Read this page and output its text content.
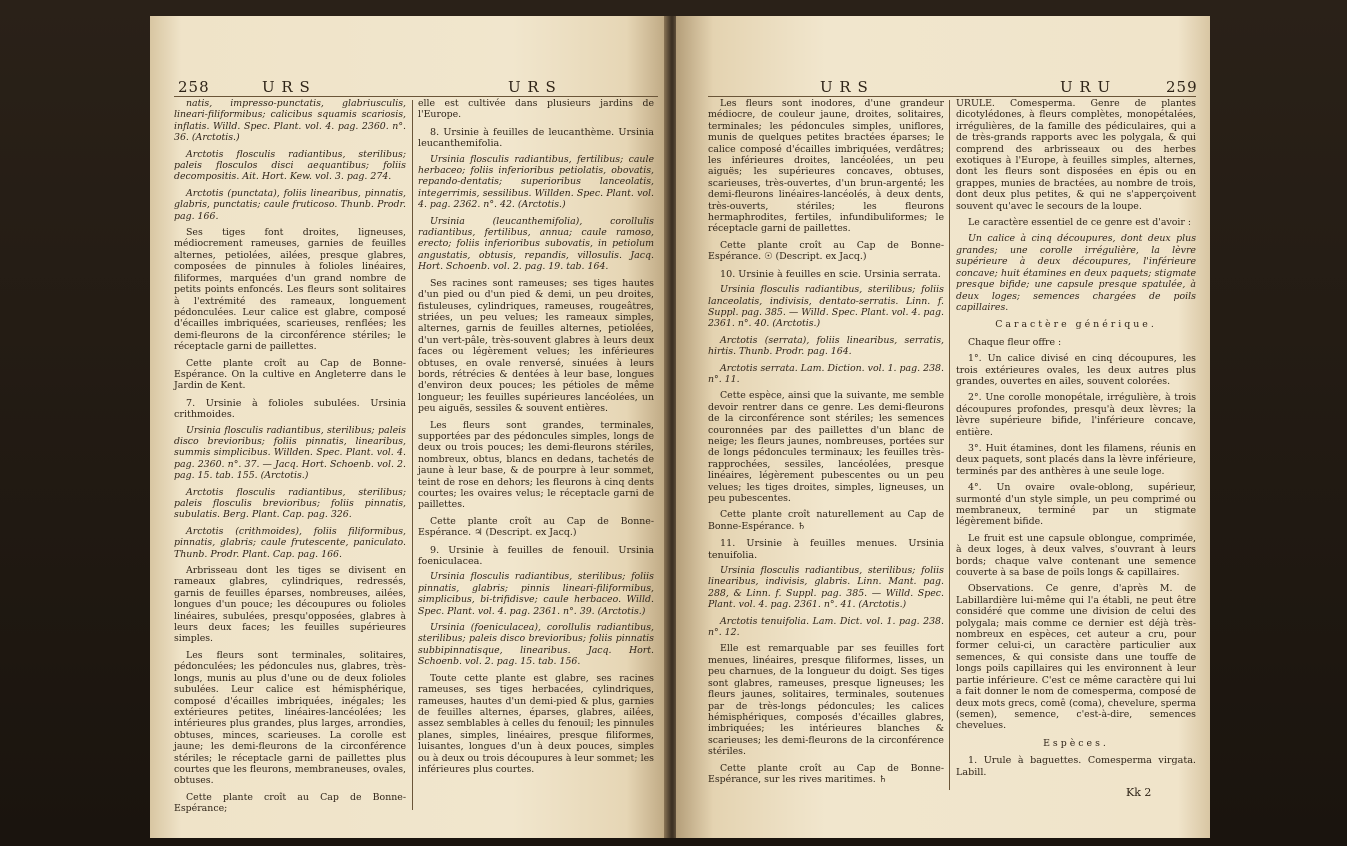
258	U R S	U R S

natis, impresso-punctatis, glabriusculis, lineari-filiformibus; calicibus squamis scariosis, inflatis. Willd. Spec. Plant. vol. 4. pag. 2360. n°. 36. (Arctotis.)

Arctotis flosculis radiantibus, sterilibus; paleis flosculos disci aequantibus; foliis decompositis. Ait. Hort. Kew. vol. 3. pag. 274.

Arctotis (punctata), foliis linearibus, pinnatis, glabris, punctatis; caule fruticoso. Thunb. Prodr. pag. 166.

Ses tiges font droites, ligneuses, médiocrement rameuses, garnies de feuilles alternes, petiolées, ailées, presque glabres, composées de pinnules à folioles linéaires, filiformes, marquées d'un grand nombre de petits points enfoncés. Les fleurs sont solitaires à l'extrémité des rameaux, longuement pédonculées. Leur calice est glabre, composé d'écailles imbriquées, scarieuses, renflées; les demi-fleurons de la circonférence stériles; le réceptacle garni de paillettes.

Cette plante croît au Cap de Bonne-Espérance. On la cultive en Angleterre dans le Jardin de Kent.

7. Ursinie à folioles subulées. Ursinia crithmoides.

Ursinia flosculis radiantibus, sterilibus; paleis disco brevioribus; foliis pinnatis, linearibus, summis simplicibus. Willden. Spec. Plant. vol. 4. pag. 2360. n°. 37. — Jacq. Hort. Schoenb. vol. 2. pag. 15. tab. 155. (Arctotis.)

Arctotis flosculis radiantibus, sterilibus; paleis flosculis brevioribus; foliis pinnatis, subulatis. Berg. Plant. Cap. pag. 326.

Arctotis (crithmoides), foliis filiformibus, pinnatis, glabris; caule frutescente, paniculato. Thunb. Prodr. Plant. Cap. pag. 166.

Arbrisseau dont les tiges se divisent en rameaux glabres, cylindriques, redressés, garnis de feuilles éparses, nombreuses, ailées, longues d'un pouce; les découpures ou folioles linéaires, subulées, presqu'opposées, glabres à leurs deux faces; les feuilles supérieures simples.

Les fleurs sont terminales, solitaires, pédonculées; les pédoncules nus, glabres, très-longs, munis au plus d'une ou de deux folioles subulées. Leur calice est hémisphérique, composé d'écailles imbriquées, inégales; les extérieures petites, linéaires-lancéolées; les intérieures plus grandes, plus larges, arrondies, obtuses, minces, scarieuses. La corolle est jaune; les demi-fleurons de la circonférence stériles; le réceptacle garni de paillettes plus courtes que les fleurons, membraneuses, ovales, obtuses.

Cette plante croît au Cap de Bonne-Espérance;

elle est cultivée dans plusieurs jardins de l'Europe.

8. Ursinie à feuilles de leucanthème. Ursinia leucanthemifolia.

Ursinia flosculis radiantibus, fertilibus; caule herbaceo; foliis inferioribus petiolatis, obovatis, repando-dentatis; superioribus lanceolatis, integerrimis, sessilibus. Willden. Spec. Plant. vol. 4. pag. 2362. n°. 42. (Arctotis.)

Ursinia (leucanthemifolia), corollulis radiantibus, fertilibus, annua; caule ramoso, erecto; foliis inferioribus subovatis, in petiolum angustatis, obtusis, repandis, villosulis. Jacq. Hort. Schoenb. vol. 2. pag. 19. tab. 164.

Ses racines sont rameuses; ses tiges hautes d'un pied ou d'un pied & demi, un peu droites, fistuleuses, cylindriques, rameuses, rougeâtres, striées, un peu velues; les rameaux simples, alternes, garnis de feuilles alternes, petiolées, d'un vert-pâle, très-souvent glabres à leurs deux faces ou légèrement velues; les inférieures obtuses, en ovale renversé, sinuées à leurs bords, rétrécies & dentées à leur base, longues d'environ deux pouces; les pétioles de même longueur; les feuilles supérieures lancéolées, un peu aiguës, sessiles & souvent entières.

Les fleurs sont grandes, terminales, supportées par des pédoncules simples, longs de deux ou trois pouces; les demi-fleurons stériles, nombreux, obtus, blancs en dedans, tachetés de jaune à leur base, & de pourpre à leur sommet, teint de rose en dehors; les fleurons à cinq dents courtes; les ovaires velus; le réceptacle garni de paillettes.

Cette plante croît au Cap de Bonne-Espérance. ♃ (Descript. ex Jacq.)

9. Ursinie à feuilles de fenouil. Ursinia foeniculacea.

Ursinia flosculis radiantibus, sterilibus; foliis pinnatis, glabris; pinnis lineari-filiformibus, simplicibus, bi-trifidisve; caule herbaceo. Willd. Spec. Plant. vol. 4. pag. 2361. n°. 39. (Arctotis.)

Ursinia (foeniculacea), corollulis radiantibus, sterilibus; paleis disco brevioribus; foliis pinnatis subbipinnatisque, linearibus. Jacq. Hort. Schoenb. vol. 2. pag. 15. tab. 156.

Toute cette plante est glabre, ses racines rameuses, ses tiges herbacées, cylindriques, rameuses, hautes d'un demi-pied & plus, garnies de feuilles alternes, éparses, glabres, ailées, assez semblables à celles du fenouil; les pinnules planes, simples, linéaires, presque filiformes, luisantes, longues d'un à deux pouces, simples ou à deux ou trois découpures à leur sommet; les inférieures plus courtes.

U R S	U R U	259

Les fleurs sont inodores, d'une grandeur médiocre, de couleur jaune, droites, solitaires, terminales; les pédoncules simples, uniflores, munis de quelques petites bractées éparses; le calice composé d'écailles imbriquées, verdâtres; les inférieures droites, lancéolées, un peu aiguës; les supérieures concaves, obtuses, scarieuses, très-ouvertes, d'un brun-argenté; les demi-fleurons linéaires-lancéolés, à deux dents, très-ouverts, stériles; les fleurons hermaphrodites, fertiles, infundibuliformes; le réceptacle garni de paillettes.

Cette plante croît au Cap de Bonne-Espérance. ☉ (Descript. ex Jacq.)

10. Ursinie à feuilles en scie. Ursinia serrata.

Ursinia flosculis radiantibus, sterilibus; foliis lanceolatis, indivisis, dentato-serratis. Linn. f. Suppl. pag. 385. — Willd. Spec. Plant. vol. 4. pag. 2361. n°. 40. (Arctotis.)

Arctotis (serrata), foliis linearibus, serratis, hirtis. Thunb. Prodr. pag. 164.

Arctotis serrata. Lam. Diction. vol. 1. pag. 238. n°. 11.

Cette espèce, ainsi que la suivante, me semble devoir rentrer dans ce genre. Les demi-fleurons de la circonférence sont stériles; les semences couronnées par des paillettes d'un blanc de neige; les fleurs jaunes, nombreuses, portées sur de longs pédoncules terminaux; les feuilles très-rapprochées, sessiles, lancéolées, presque linéaires, légèrement pubescentes ou un peu velues; les tiges droites, simples, ligneuses, un peu pubescentes.

Cette plante croît naturellement au Cap de Bonne-Espérance. ♄

11. Ursinie à feuilles menues. Ursinia tenuifolia.

Ursinia flosculis radiantibus, sterilibus; foliis linearibus, indivisis, glabris. Linn. Mant. pag. 288, & Linn. f. Suppl. pag. 385. — Willd. Spec. Plant. vol. 4. pag. 2361. n°. 41. (Arctotis.)

Arctotis tenuifolia. Lam. Dict. vol. 1. pag. 238. n°. 12.

Elle est remarquable par ses feuilles fort menues, linéaires, presque filiformes, lisses, un peu charnues, de la longueur du doigt. Ses tiges sont glabres, rameuses, presque ligneuses; les fleurs jaunes, solitaires, terminales, soutenues par de très-longs pédoncules; les calices hémisphériques, composés d'écailles glabres, imbriquées; les intérieures blanches & scarieuses; les demi-fleurons de la circonférence stériles.

Cette plante croît au Cap de Bonne-Espérance, sur les rives maritimes. ♄

URULE. Comesperma. Genre de plantes dicotylédones, à fleurs complètes, monopétalées, irrégulières, de la famille des pédiculaires, qui a de très-grands rapports avec les polygala, & qui comprend des arbrisseaux ou des herbes exotiques à l'Europe, à feuilles simples, alternes, dont les fleurs sont disposées en épis ou en grappes, munies de bractées, au nombre de trois, dont deux plus petites, & qui ne s'apperçoivent souvent qu'avec le secours de la loupe.

Le caractère essentiel de ce genre est d'avoir :

Un calice à cinq découpures, dont deux plus grandes; une corolle irrégulière, la lèvre supérieure à deux découpures, l'inférieure concave; huit étamines en deux paquets; stigmate presque bifide; une capsule presque spatulée, à deux loges; semences chargées de poils capillaires.

Caractère générique.

Chaque fleur offre :

1°. Un calice divisé en cinq découpures, les trois extérieures ovales, les deux autres plus grandes, ouvertes en ailes, souvent colorées.

2°. Une corolle monopétale, irrégulière, à trois découpures profondes, presqu'à deux lèvres; la lèvre supérieure bifide, l'inférieure concave, entière.

3°. Huit étamines, dont les filamens, réunis en deux paquets, sont placés dans la lèvre inférieure, terminés par des anthères à une seule loge.

4°. Un ovaire ovale-oblong, supérieur, surmonté d'un style simple, un peu comprimé ou membraneux, terminé par un stigmate légèrement bifide.

Le fruit est une capsule oblongue, comprimée, à deux loges, à deux valves, s'ouvrant à leurs bords; chaque valve contenant une semence couverte à sa base de poils longs & capillaires.

Observations. Ce genre, d'après M. de Labillardière lui-même qui l'a établi, ne peut être considéré que comme une division de celui des polygala; mais comme ce dernier est déjà très-nombreux en espèces, cet auteur a cru, pour former celui-ci, un caractère particulier aux semences, & qui consiste dans une touffe de longs poils capillaires qui les environnent à leur partie inférieure. C'est ce même caractère qui lui a fait donner le nom de comesperma, composé de deux mots grecs, comê (coma), chevelure, sperma (semen), semence, c'est-à-dire, semences chevelues.

Espèces.

1. Urule à baguettes. Comesperma virgata. Labill.
Kk 2
